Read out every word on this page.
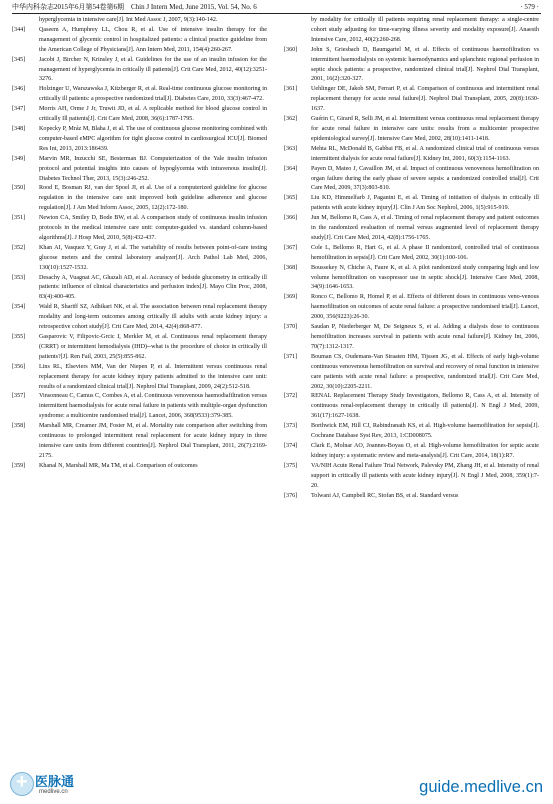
中华内科杂志2015年6月第54卷第6期　Chin J Intern Med, June 2015, Vol. 54, No. 6	· 579 ·
hyperglycemia in intensive care[J]. Int Med Assoc J, 2007, 9(3):140-142.
[344] Qaseem A, Humphrey LL, Chou R, et al. Use of intensive insulin therapy for the management of glycemic control in hospitalized patients: a clinical practice guideline from the American College of Physicians[J]. Ann Intern Med, 2011, 154(4):260-267.
[345] Jacobi J, Bircher N, Krinsley J, et al. Guidelines for the use of an insulin infusion for the management of hyperglycemia in critically ill patients[J]. Crit Care Med, 2012, 40(12):3251-3276.
[346] Holzinger U, Warszawska J, Kitzberger R, et al. Real-time continuous glucose monitoring in critically ill patients: a prospective randomized trial[J]. Diabetes Care, 2010, 33(3):467-472.
[347] Morris AH, Orme J Jr, Truwit JD, et al. A replicable method for blood glucose control in critically Ill patients[J]. Crit Care Med, 2008, 36(6):1787-1795.
[348] Kopecky P, Mráz M, Blaha J, et al. The use of continuous glucose monitoring combined with computer-based eMPC algorithm for tight glucose control in cardiosurgical ICU[J]. Biomed Res Int, 2013, 2013:186439.
[349] Marvin MR, Inzucchi SE, Besterman BJ. Computerization of the Yale insulin infusion protocol and potential insights into causes of hypoglycemia with intravenous insulin[J]. Diabetes Technol Ther, 2013, 15(3):246-252.
[350] Rood E, Bosman RJ, van der Spoel JI, et al. Use of a computerized guideline for glucose regulation in the intensive care unit improved both guideline adherence and glucose regulation[J]. J Am Med Inform Assoc, 2005, 12(2):172-180.
[351] Newton CA, Smiley D, Bode BW, et al. A comparison study of continuous insulin infusion protocols in the medical intensive care unit: computer-guided vs. standard column-based algorithms[J]. J Hosp Med, 2010, 5(8):432-437.
[352] Khan AI, Vasquez Y, Gray J, et al. The variability of results between point-of-care testing glucose meters and the central laboratory analyzer[J]. Arch Pathol Lab Med, 2006, 130(10):1527-1532.
[353] Desachy A, Vuagnat AC, Ghazali AD, et al. Accuracy of bedside glucometry in critically ill patients: influence of clinical characteristics and perfusion index[J]. Mayo Clin Proc, 2008, 83(4):400-405.
[354] Wald R, Shariff SZ, Adhikari NK, et al. The association between renal replacement therapy modality and long-term outcomes among critically ill adults with acute kidney injury: a retrospective cohort study[J]. Crit Care Med, 2014, 42(4):868-877.
[355] Gasparovic V, Filipovic-Grcic I, Merkler M, et al. Continuous renal replacement therapy (CRRT) or intermittent hemodialysis (IHD)--what is the procedure of choice in critically ill patients?[J]. Ren Fail, 2003, 25(5):855-862.
[356] Lins RL, Elseviers MM, Van der Niepen P, et al. Intermittent versus continuous renal replacement therapy for acute kidney injury patients admitted to the intensive care unit: results of a randomized clinical trial[J]. Nephrol Dial Transplant, 2009, 24(2):512-518.
[357] Vinsonneau C, Camus C, Combes A, et al. Continuous venovenous haemodiafiltration versus intermittent haemodialysis for acute renal failure in patients with multiple-organ dysfunction syndrome: a multicentre randomised trial[J]. Lancet, 2006, 368(9533):379-385.
[358] Marshall MR, Creamer JM, Foster M, et al. Mortality rate comparison after switching from continuous to prolonged intermittent renal replacement for acute kidney injury in three intensive care units from different countries[J]. Nephrol Dial Transplant, 2011, 26(7):2169-2175.
[359] Khanal N, Marshall MR, Ma TM, et al. Comparison of outcomes
by modality for critically ill patients requiring renal replacement therapy: a single-centre cohort study adjusting for time-varying illness severity and modality exposure[J]. Anaesth Intensive Care, 2012, 40(2):260-268.
[360] John S, Griesbach D, Baumgartel M, et al. Effects of continuous haemofiltration vs intermittent haemodialysis on systemic haemodynamics and splanchnic regional perfusion in septic shock patients: a prospective, randomized clinical trial[J]. Nephrol Dial Transplant, 2001, 16(2):320-327.
[361] Uehlinger DE, Jakob SM, Ferrari P, et al. Comparison of continuous and intermittent renal replacement therapy for acute renal failure[J]. Nephrol Dial Transplant, 2005, 20(8):1630-1637.
[362] Guérin C, Girard R, Selli JM, et al. Intermittent versus continuous renal replacement therapy for acute renal failure in intensive care units: results from a multicenter prospective epidemiological survey[J]. Intensive Care Med, 2002, 28(10):1411-1418.
[363] Mehta RL, McDonald B, Gabbai FB, et al. A randomized clinical trial of continuous versus intermittent dialysis for acute renal failure[J]. Kidney Int, 2001, 60(3):1154-1163.
[364] Payen D, Mateo J, Cavaillon JM, et al. Impact of continuous venovenous hemofiltration on organ failure during the early phase of severe sepsis: a randomized controlled trial[J]. Crit Care Med, 2009, 37(3):803-810.
[365] Liu KD, Himmelfarb J, Paganini E, et al. Timing of initiation of dialysis in critically ill patients with acute kidney injury[J]. Clin J Am Soc Nephrol, 2006, 1(5):915-919.
[366] Jun M, Bellomo R, Cass A, et al. Timing of renal replacement therapy and patient outcomes in the randomized evaluation of normal versus augmented level of replacement therapy study[J]. Crit Care Med, 2014, 42(8):1756-1765.
[367] Cole L, Bellomo R, Hart G, et al. A phase II randomized, controlled trial of continuous hemofiltration in sepsis[J]. Crit Care Med, 2002, 30(1):100-106.
[368] Boussekey N, Chiche A, Faure K, et al. A pilot randomized study comparing high and low volume hemofiltration on vasopressor use in septic shock[J]. Intensive Care Med, 2008, 34(9):1646-1653.
[369] Ronco C, Bellomo R, Homel P, et al. Effects of different doses in continuous veno-venous haemofiltration on outcomes of acute renal failure: a prospective randomised trial[J]. Lancet, 2000, 356(9223):26-30.
[370] Saudan P, Niederberger M, De Seigneux S, et al. Adding a dialysis dose to continuous hemofiltration increases survival in patients with acute renal failure[J]. Kidney Int, 2006, 70(7):1312-1317.
[371] Bouman CS, Oudemans-Van Straaten HM, Tijssen JG, et al. Effects of early high-volume continuous venovenous hemofiltration on survival and recovery of renal function in intensive care patients with acute renal failure: a prospective, randomized trial[J]. Crit Care Med, 2002, 30(10):2205-2211.
[372] RENAL Replacement Therapy Study Investigators, Bellomo R, Cass A, et al. Intensity of continuous renal-replacement therapy in critically ill patients[J]. N Engl J Med, 2009, 361(17):1627-1638.
[373] Borthwick EM, Hill CJ, Rabindranath KS, et al. High-volume haemofiltration for sepsis[J]. Cochrane Database Syst Rev, 2013, 1:CD008075.
[374] Clark E, Molnar AO, Joannes-Boyau O, et al. High-volume hemofiltration for septic acute kidney injury: a systematic review and meta-analysis[J]. Crit Care, 2014, 18(1):R7.
[375] VA/NIH Acute Renal Failure Trial Network, Palevsky PM, Zhang JH, et al. Intensity of renal support in critically ill patients with acute kidney injury[J]. N Engl J Med, 2008, 359(1):7-20.
[376] Tolwani AJ, Campbell RC, Stofan BS, et al. Standard versus
+
医脉通
medlive.cn	guide.medlive.cn
